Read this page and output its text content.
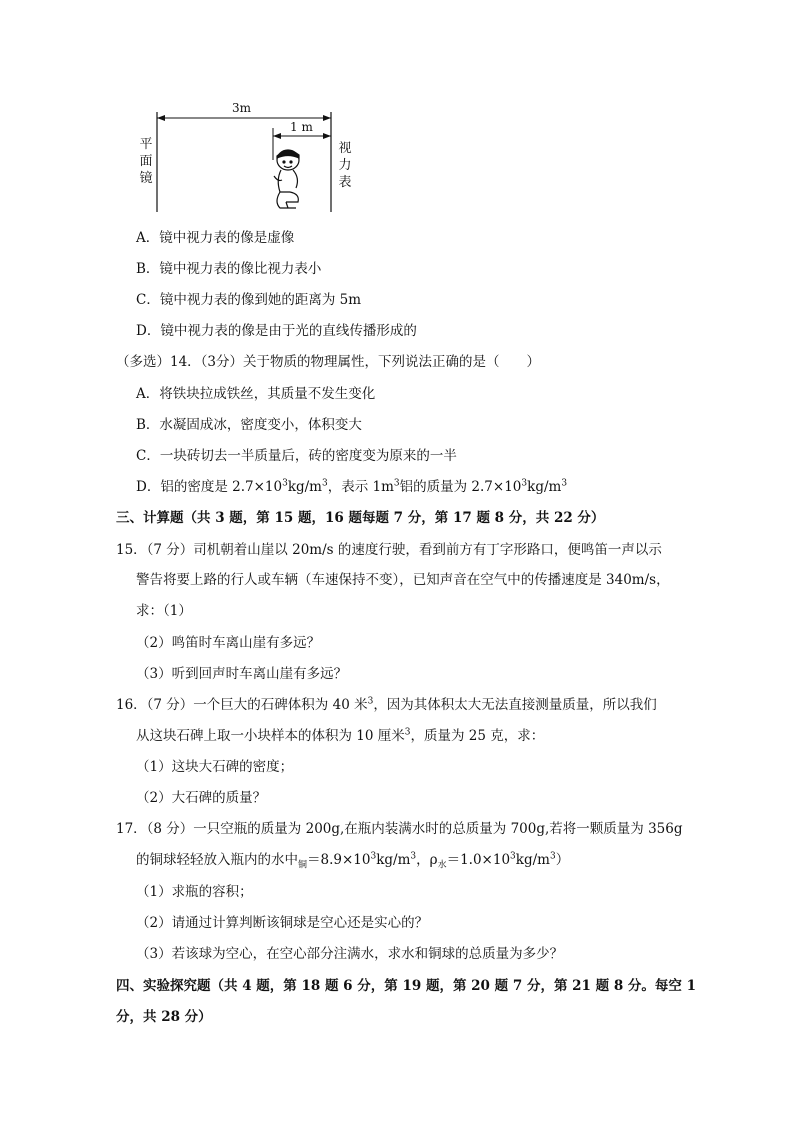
平
面
镜
视
力
表
3m
1 m
A．镜中视力表的像是虚像
B．镜中视力表的像比视力表小
C．镜中视力表的像到她的距离为 5m
D．镜中视力表的像是由于光的直线传播形成的
（多选）14．（3分）关于物质的物理属性，下列说法正确的是（　　）
A．将铁块拉成铁丝，其质量不发生变化
B．水凝固成冰，密度变小，体积变大
C．一块砖切去一半质量后，砖的密度变为原来的一半
D．铝的密度是 $2.7\times 10^3kg/m^3$，表示 $1m^3$铝的质量为 $2.7\times 10^3kg/m^3$
三、计算题（共 3 题，第 15 题，16 题每题 7 分，第 17 题 8 分，共 22 分）
15．（7 分）司机朝着山崖以 20m/s 的速度行驶，看到前方有丁字形路口，便鸣笛一声以示
警告将要上路的行人或车辆（车速保持不变），已知声音在空气中的传播速度是 340m/s，
求：（1）
（2）鸣笛时车离山崖有多远？
（3）听到回声时车离山崖有多远？
16．（7 分）一个巨大的石碑体积为 40 米$^3$，因为其体积太大无法直接测量质量，所以我们
从这块石碑上取一小块样本的体积为 10 厘米$^3$，质量为 25 克，求：
（1）这块大石碑的密度；
（2）大石碑的质量？
17．（8 分）一只空瓶的质量为 200g,在瓶内装满水时的总质量为 700g,若将一颗质量为 356g
的铜球轻轻放入瓶内的水中$_铜=8.9\times 10^3kg/m^3$，$\rho_水=1.0\times 10^3kg/m^3$）
（1）求瓶的容积；
（2）请通过计算判断该铜球是空心还是实心的？
（3）若该球为空心，在空心部分注满水，求水和铜球的总质量为多少？
四、实验探究题（共 4 题，第 18 题 6 分，第 19 题，第 20 题 7 分，第 21 题 8 分。每空 1
分，共 28 分）
